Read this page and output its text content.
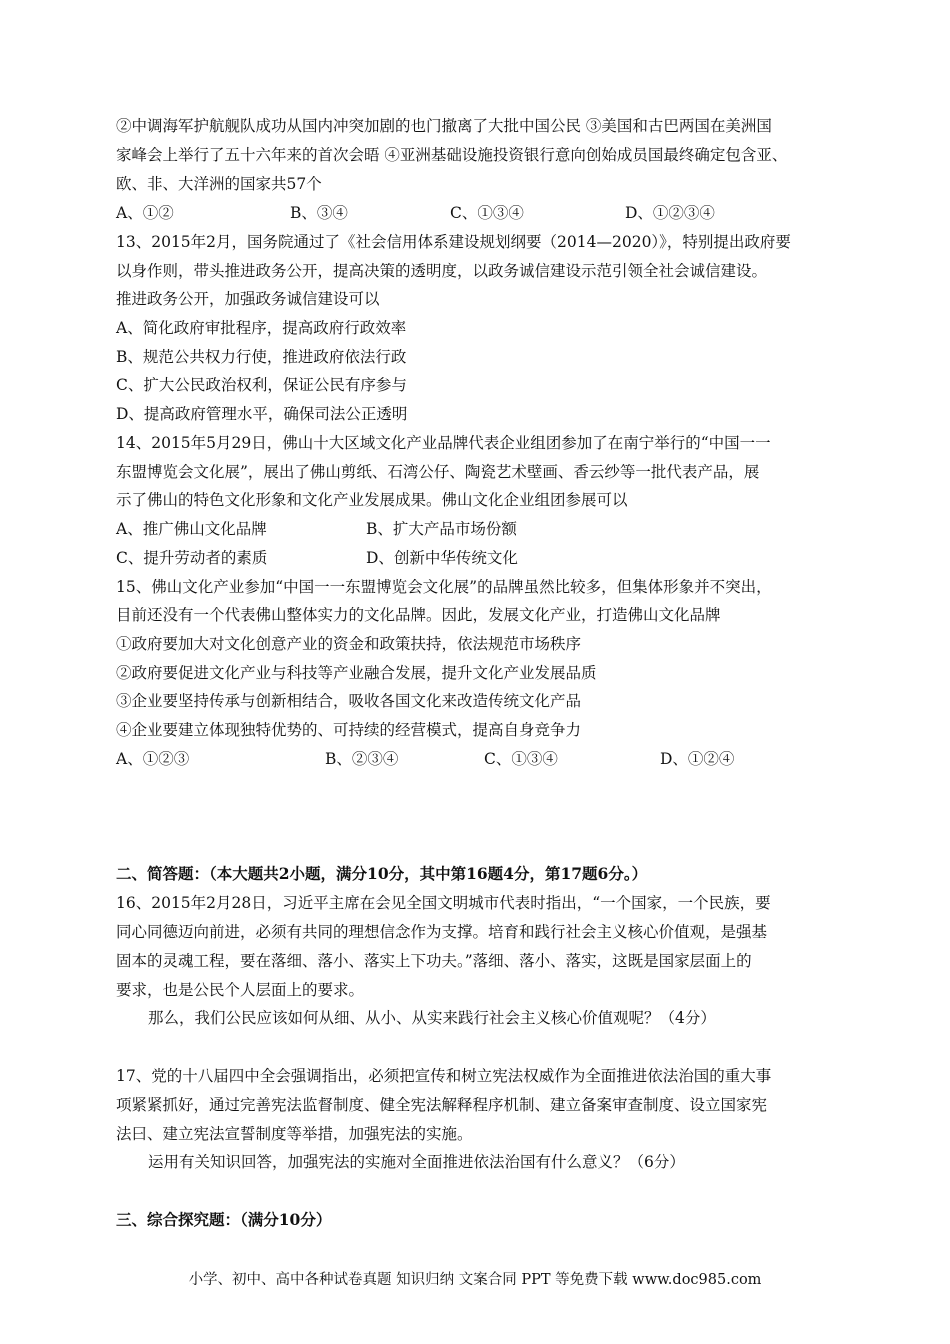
②中调海军护航舰队成功从国内冲突加剧的也门撤离了大批中国公民 ③美国和古巴两国在美洲国
家峰会上举行了五十六年来的首次会晤 ④亚洲基础设施投资银行意向创始成员国最终确定包含亚、
欧、非、大洋洲的国家共57个
A、①②	B、③④	C、①③④	D、①②③④
13、2015年2月，国务院通过了《社会信用体系建设规划纲要（2014—2020）》，特别提出政府要
以身作则，带头推进政务公开，提高决策的透明度，以政务诚信建设示范引领全社会诚信建设。
推进政务公开，加强政务诚信建设可以
A、简化政府审批程序，提高政府行政效率
B、规范公共权力行使，推进政府依法行政
C、扩大公民政治权利，保证公民有序参与
D、提高政府管理水平，确保司法公正透明
14、2015年5月29日，佛山十大区域文化产业品牌代表企业组团参加了在南宁举行的“中国一一
东盟博览会文化展”，展出了佛山剪纸、石湾公仔、陶瓷艺术壁画、香云纱等一批代表产品，展
示了佛山的特色文化形象和文化产业发展成果。佛山文化企业组团参展可以
A、推广佛山文化品牌	B、扩大产品市场份额
C、提升劳动者的素质	D、创新中华传统文化
15、佛山文化产业参加“中国一一东盟博览会文化展”的品牌虽然比较多，但集体形象并不突出，
目前还没有一个代表佛山整体实力的文化品牌。因此，发展文化产业，打造佛山文化品牌
①政府要加大对文化创意产业的资金和政策扶持，依法规范市场秩序
②政府要促进文化产业与科技等产业融合发展，提升文化产业发展品质
③企业要坚持传承与创新相结合，吸收各国文化来改造传统文化产品
④企业要建立体现独特优势的、可持续的经营模式，提高自身竞争力
A、①②③	B、②③④	C、①③④	D、①②④
二、简答题：（本大题共2小题，满分10分，其中第16题4分，第17题6分。）
16、2015年2月28日，习近平主席在会见全国文明城市代表时指出，“一个国家，一个民族，要
同心同德迈向前进，必须有共同的理想信念作为支撑。培育和践行社会主义核心价值观，是强基
固本的灵魂工程，要在落细、落小、落实上下功夫。”落细、落小、落实，这既是国家层面上的
要求，也是公民个人层面上的要求。
那么，我们公民应该如何从细、从小、从实来践行社会主义核心价值观呢？（4分）
17、党的十八届四中全会强调指出，必须把宣传和树立宪法权威作为全面推进依法治国的重大事
项紧紧抓好，通过完善宪法监督制度、健全宪法解释程序机制、建立备案审查制度、设立国家宪
法曰、建立宪法宣誓制度等举措，加强宪法的实施。
运用有关知识回答，加强宪法的实施对全面推进依法治国有什么意义？（6分）
三、综合探究题：（满分10分）
小学、初中、高中各种试卷真题 知识归纳 文案合同 PPT 等免费下载 www.doc985.com
